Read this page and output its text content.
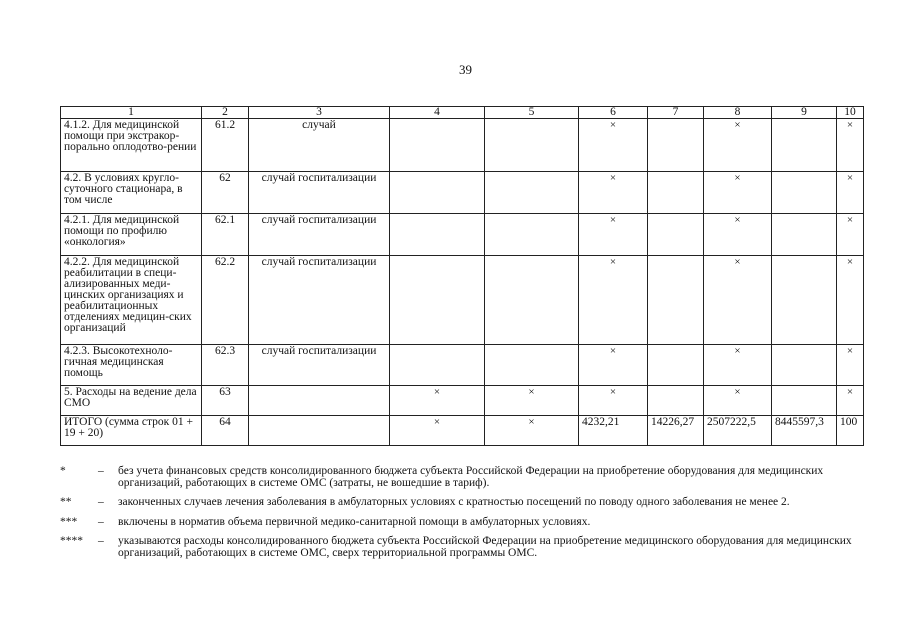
39
1	2	3	4	5	6	7	8	9	10
4.1.2. Для медицинской помощи при экстракор-порально оплодотво-рении	61.2	случай			×		×		×
4.2. В условиях кругло-суточного стационара, в том числе	62	случай госпитализации			×		×		×
4.2.1. Для медицинской помощи по профилю «онкология»	62.1	случай госпитализации			×		×		×
4.2.2. Для медицинской реабилитации в специ-ализированных меди-цинских организациях и реабилитационных отделениях медицин-ских организаций	62.2	случай госпитализации			×		×		×
4.2.3. Высокотехноло-гичная медицинская помощь	62.3	случай госпитализации			×		×		×
5. Расходы на ведение дела СМО	63		×	×	×		×		×
ИТОГО (сумма строк 01 + 19 + 20)	64		×	×	4232,21	14226,27	2507222,5	8445597,3	100
*	– без учета финансовых средств консолидированного бюджета субъекта Российской Федерации на приобретение оборудования для медицинских организаций, работающих в системе ОМС (затраты, не вошедшие в тариф).
**	– законченных случаев лечения заболевания в амбулаторных условиях с кратностью посещений по поводу одного заболевания не менее 2.
***	– включены в норматив объема первичной медико-санитарной помощи в амбулаторных условиях.
****	– указываются расходы консолидированного бюджета субъекта Российской Федерации на приобретение медицинского оборудования для медицинских организаций, работающих в системе ОМС, сверх территориальной программы ОМС.
